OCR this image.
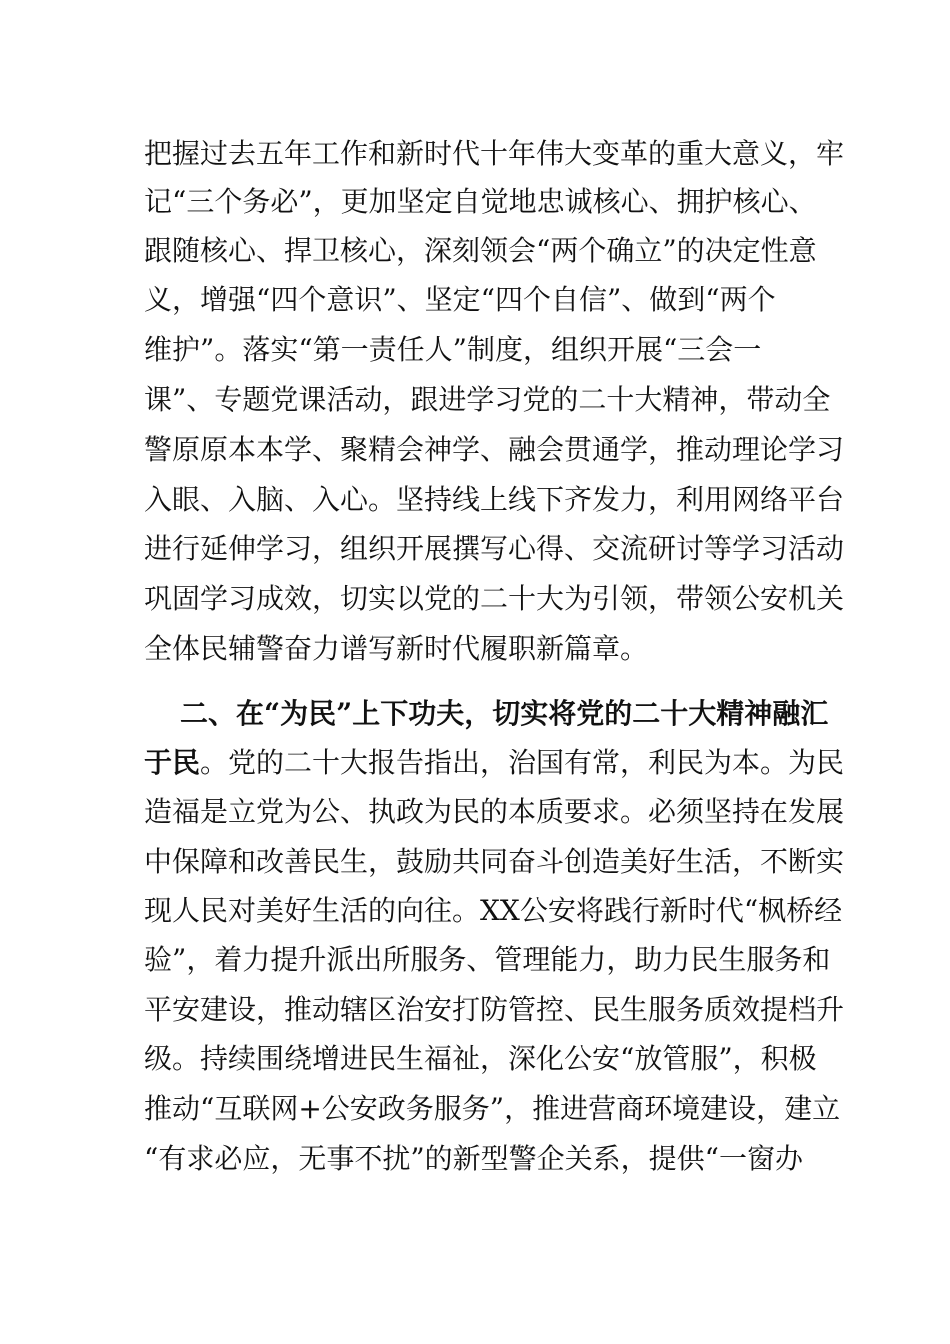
把握过去五年工作和新时代十年伟大变革的重大意义，牢
记“三个务必”，更加坚定自觉地忠诚核心、拥护核心、
跟随核心、捍卫核心，深刻领会“两个确立”的决定性意
义，增强“四个意识”、坚定“四个自信”、做到“两个
维护”。落实“第一责任人”制度，组织开展“三会一
课”、专题党课活动，跟进学习党的二十大精神，带动全
警原原本本学、聚精会神学、融会贯通学，推动理论学习
入眼、入脑、入心。坚持线上线下齐发力，利用网络平台
进行延伸学习，组织开展撰写心得、交流研讨等学习活动
巩固学习成效，切实以党的二十大为引领，带领公安机关
全体民辅警奋力谱写新时代履职新篇章。
二、在“为民”上下功夫，切实将党的二十大精神融汇
于民 。党的二十大报告指出，治国有常，利民为本。为民
造福是立党为公、执政为民的本质要求。必须坚持在发展
中保障和改善民生，鼓励共同奋斗创造美好生活，不断实
现人民对美好生活的向往。XX公安将践行新时代“枫桥经
验”，着力提升派出所服务、管理能力，助力民生服务和
平安建设，推动辖区治安打防管控、民生服务质效提档升
级。持续围绕增进民生福祉，深化公安“放管服”，积极
推动“互联网+公安政务服务”，推进营商环境建设，建立
“有求必应，无事不扰”的新型警企关系，提供“一窗办
